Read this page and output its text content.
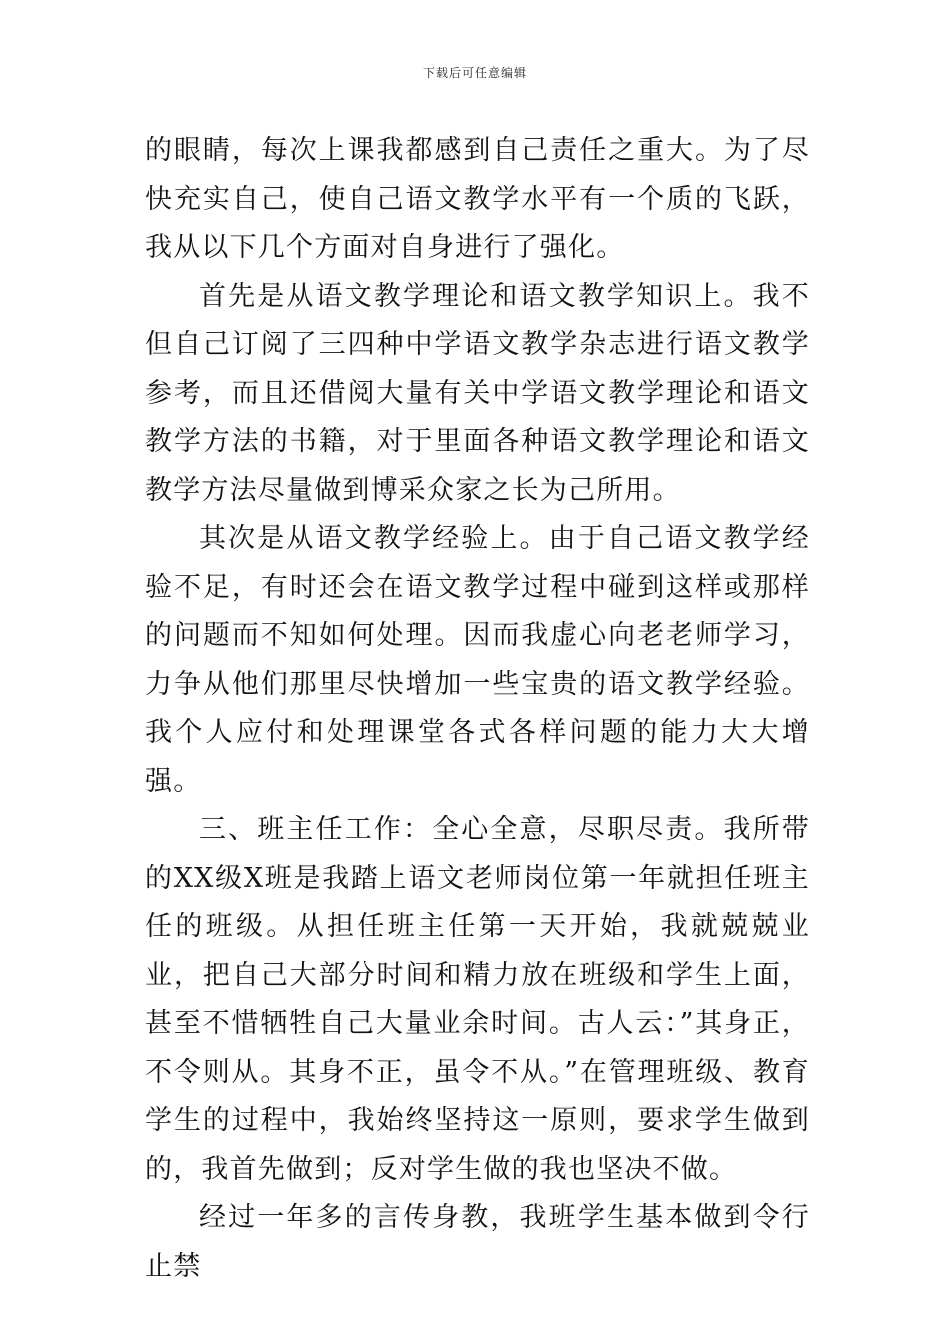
下载后可任意编辑

的眼睛，每次上课我都感到自己责任之重大。为了尽快充实自己，使自己语文教学水平有一个质的飞跃，我从以下几个方面对自身进行了强化。

首先是从语文教学理论和语文教学知识上。我不但自己订阅了三四种中学语文教学杂志进行语文教学参考，而且还借阅大量有关中学语文教学理论和语文教学方法的书籍，对于里面各种语文教学理论和语文教学方法尽量做到博采众家之长为己所用。

其次是从语文教学经验上。由于自己语文教学经验不足，有时还会在语文教学过程中碰到这样或那样的问题而不知如何处理。因而我虚心向老老师学习，力争从他们那里尽快增加一些宝贵的语文教学经验。我个人应付和处理课堂各式各样问题的能力大大增强。

三、班主任工作：全心全意，尽职尽责。我所带的XX级X班是我踏上语文老师岗位第一年就担任班主任的班级。从担任班主任第一天开始，我就兢兢业业，把自己大部分时间和精力放在班级和学生上面，甚至不惜牺牲自己大量业余时间。古人云：”其身正，不令则从。其身不正，虽令不从。”在管理班级、教育学生的过程中，我始终坚持这一原则，要求学生做到的，我首先做到；反对学生做的我也坚决不做。

经过一年多的言传身教，我班学生基本做到令行止禁
